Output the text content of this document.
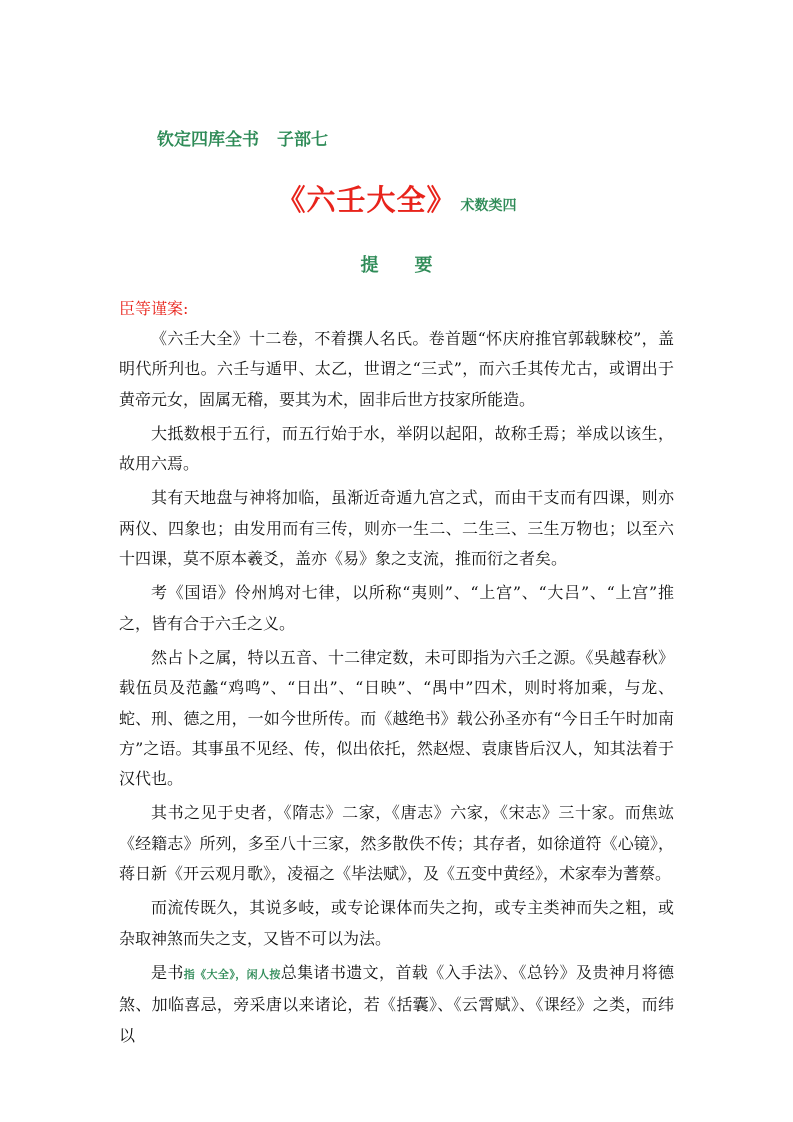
钦定四库全书 子部七
《六壬大全》 术数类四
提要
臣等谨案:

《六壬大全》十二卷，不着撰人名氏。卷首题“怀庆府推官郭载騋校”，盖明代所刋也。六壬与遁甲、太乙，世谓之“三式”，而六壬其传尤古，或谓出于黄帝元女，固属无稽，要其为术，固非后世方技家所能造。

大抵数根于五行，而五行始于水，举阴以起阳，故称壬焉；举成以该生，故用六焉。

其有天地盘与神将加临，虽渐近奇遁九宫之式，而由干支而有四课，则亦两仪、四象也；由发用而有三传，则亦一生二、二生三、三生万物也；以至六十四课，莫不原本羲爻，盖亦《易》象之支流，推而衍之者矣。

考《国语》伶州鸠对七律，以所称“夷则”、“上宫”、“大吕”、“上宫”推之，皆有合于六壬之义。

然占卜之属，特以五音、十二律定数，未可即指为六壬之源。《吳越春秋》载伍员及范蠡“鸡鸣”、“日出”、“日映”、“禺中”四术，则时将加乘，与龙、蛇、刑、德之用，一如今世所传。而《越绝书》载公孙圣亦有“今日壬午时加南方”之语。其事虽不见经、传，似出依托，然赵煜、袁康皆后汉人，知其法着于汉代也。

其书之见于史者，《隋志》二家，《唐志》六家，《宋志》三十家。而焦竑《经籍志》所列，多至八十三家，然多散佚不传；其存者，如徐道符《心镜》，蒋日新《开云观月歌》，凌福之《毕法赋》，及《五变中黄经》，术家奉为蓍蔡。

而流传既久，其说多岐，或专论课体而失之拘，或专主类神而失之粗，或杂取神煞而失之支，又皆不可以为法。

是书指《大全》，闲人按总集诸书遗文，首载《入手法》、《总钤》及贵神月将德煞、加临喜忌，旁采唐以来诸论，若《括囊》、《云霄赋》、《课经》之类，而纬以
